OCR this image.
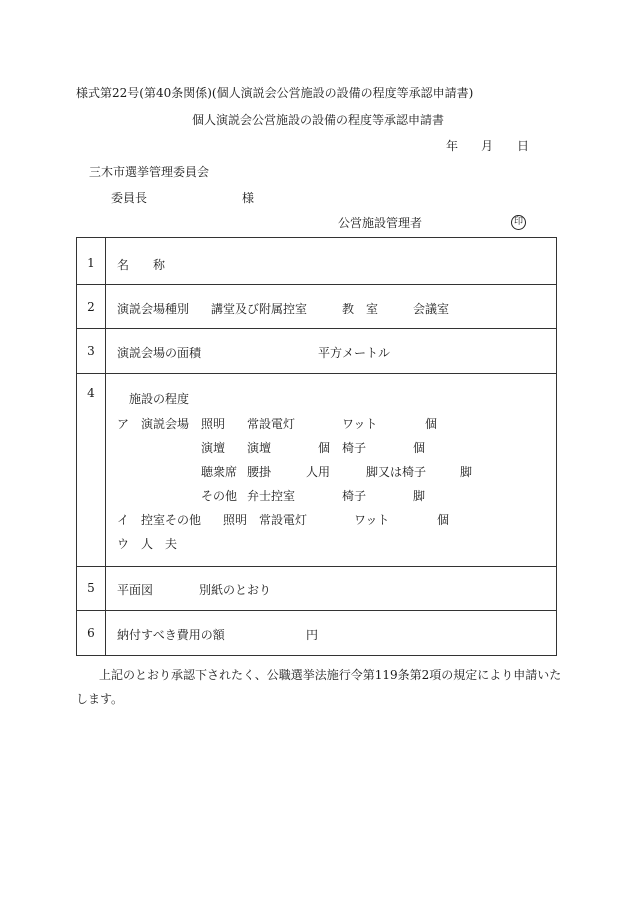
様式第22号(第40条関係)(個人演説会公営施設の設備の程度等承認申請書)
個人演説会公営施設の設備の程度等承認申請書
年 月 日
三木市選挙管理委員会
委員長	様
公営施設管理者	印
1	名　　称
2	演説会場種別 講堂及び附属控室	教　室	会議室
3	演説会場の面積	平方メートル
4	施設の程度
ア 演説会場 照明 常設電灯	ワット	個
演壇 演壇	個 椅子	個
聴衆席 腰掛	人用	脚又は椅子	脚
その他 弁士控室	椅子	脚
イ 控室その他 照明 常設電灯	ワット	個
ウ 人　夫
5	平面図	別紙のとおり
6	納付すべき費用の額	円
上記のとおり承認下されたく、公職選挙法施行令第119条第2項の規定により申請いた
します。
